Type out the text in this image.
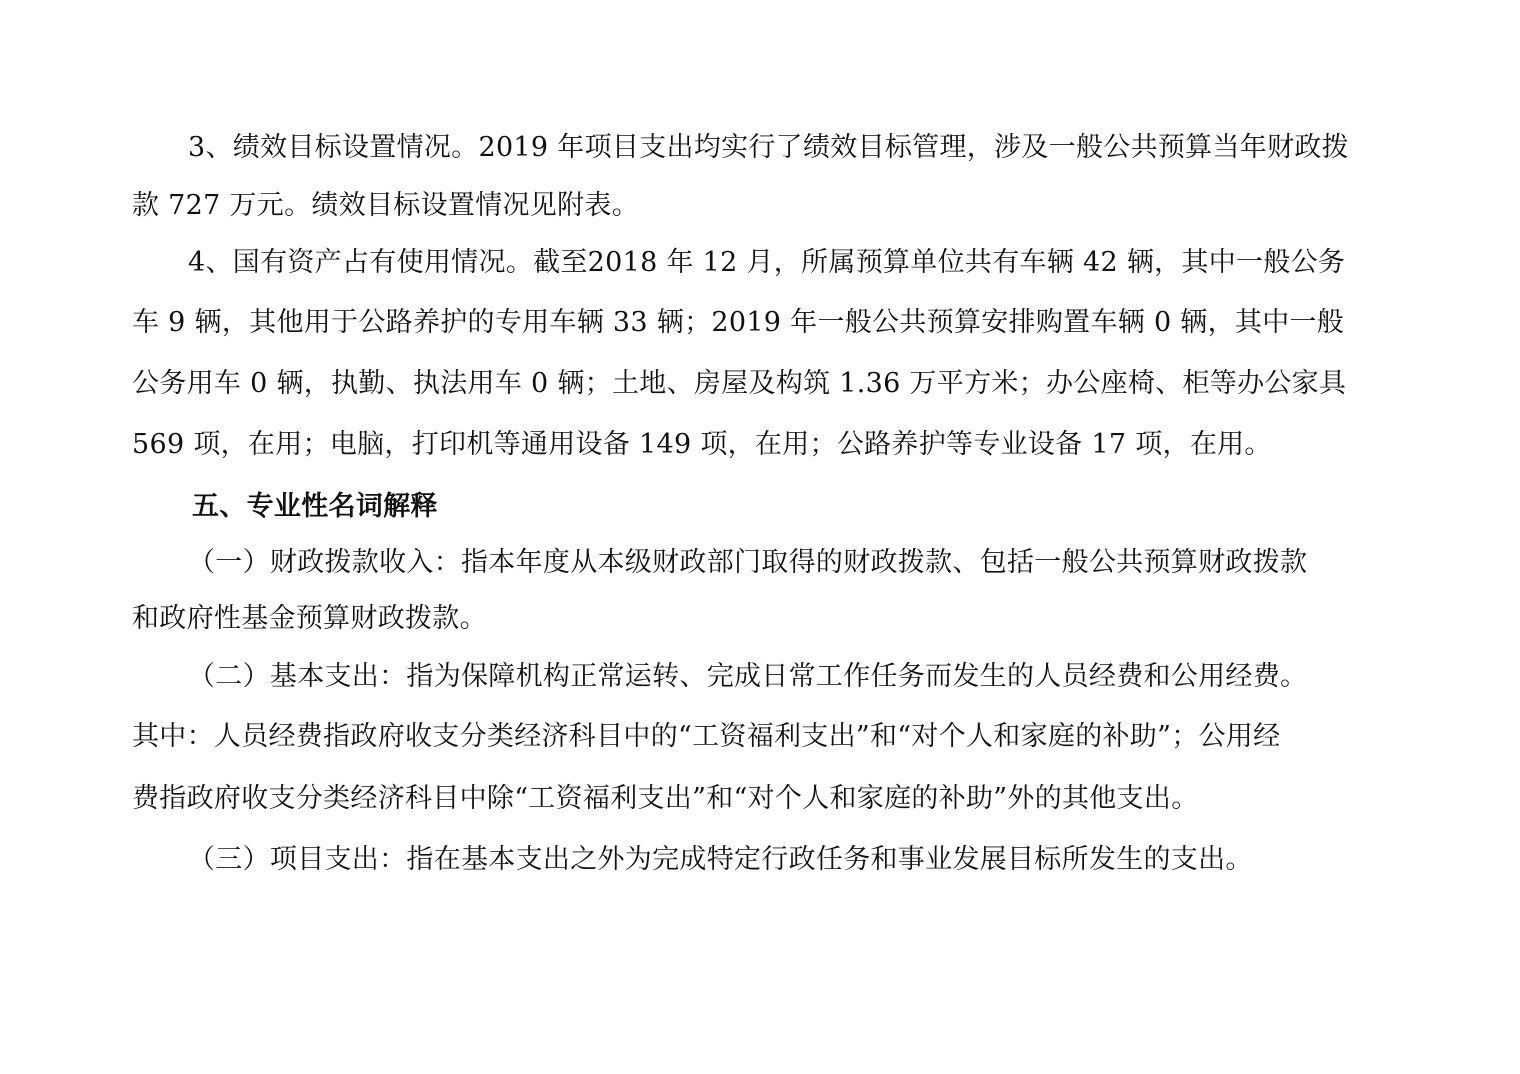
3、绩效目标设置情况。2019 年项目支出均实行了绩效目标管理，涉及一般公共预算当年财政拨
款 727 万元。绩效目标设置情况见附表。
4、国有资产占有使用情况。截至2018 年 12 月，所属预算单位共有车辆 42 辆，其中一般公务
车 9 辆，其他用于公路养护的专用车辆 33 辆；2019 年一般公共预算安排购置车辆 0 辆，其中一般
公务用车 0 辆，执勤、执法用车 0 辆；土地、房屋及构筑 1.36 万平方米；办公座椅、柜等办公家具
569 项，在用；电脑，打印机等通用设备 149 项，在用；公路养护等专业设备 17 项，在用。
五、专业性名词解释
（一）财政拨款收入：指本年度从本级财政部门取得的财政拨款、包括一般公共预算财政拨款
和政府性基金预算财政拨款。
（二）基本支出：指为保障机构正常运转、完成日常工作任务而发生的人员经费和公用经费。
其中：人员经费指政府收支分类经济科目中的“工资福利支出”和“对个人和家庭的补助”；公用经
费指政府收支分类经济科目中除“工资福利支出”和“对个人和家庭的补助”外的其他支出。
（三）项目支出：指在基本支出之外为完成特定行政任务和事业发展目标所发生的支出。
